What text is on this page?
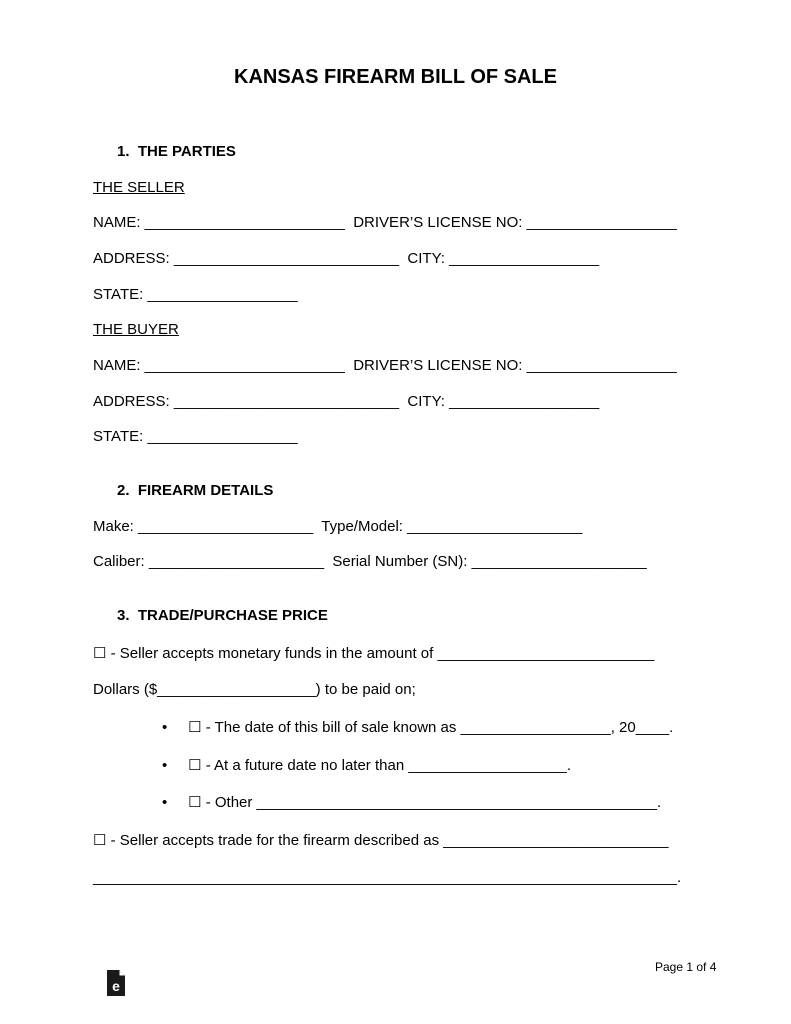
KANSAS FIREARM BILL OF SALE
1.  THE PARTIES
THE SELLER
NAME: ________________________  DRIVER’S LICENSE NO: __________________
ADDRESS: ___________________________  CITY: __________________
STATE: __________________
THE BUYER
NAME: ________________________  DRIVER’S LICENSE NO: __________________
ADDRESS: ___________________________  CITY: __________________
STATE: __________________
2.  FIREARM DETAILS
Make: _____________________  Type/Model: _____________________
Caliber: _____________________  Serial Number (SN): _____________________
3.  TRADE/PURCHASE PRICE
☐ - Seller accepts monetary funds in the amount of __________________________
Dollars ($___________________) to be paid on;
•     ☐ - The date of this bill of sale known as __________________, 20____.
•     ☐ - At a future date no later than ___________________.
•     ☐ - Other ________________________________________________.
☐ - Seller accepts trade for the firearm described as ___________________________
______________________________________________________________________.

e

Page 1 of 4
